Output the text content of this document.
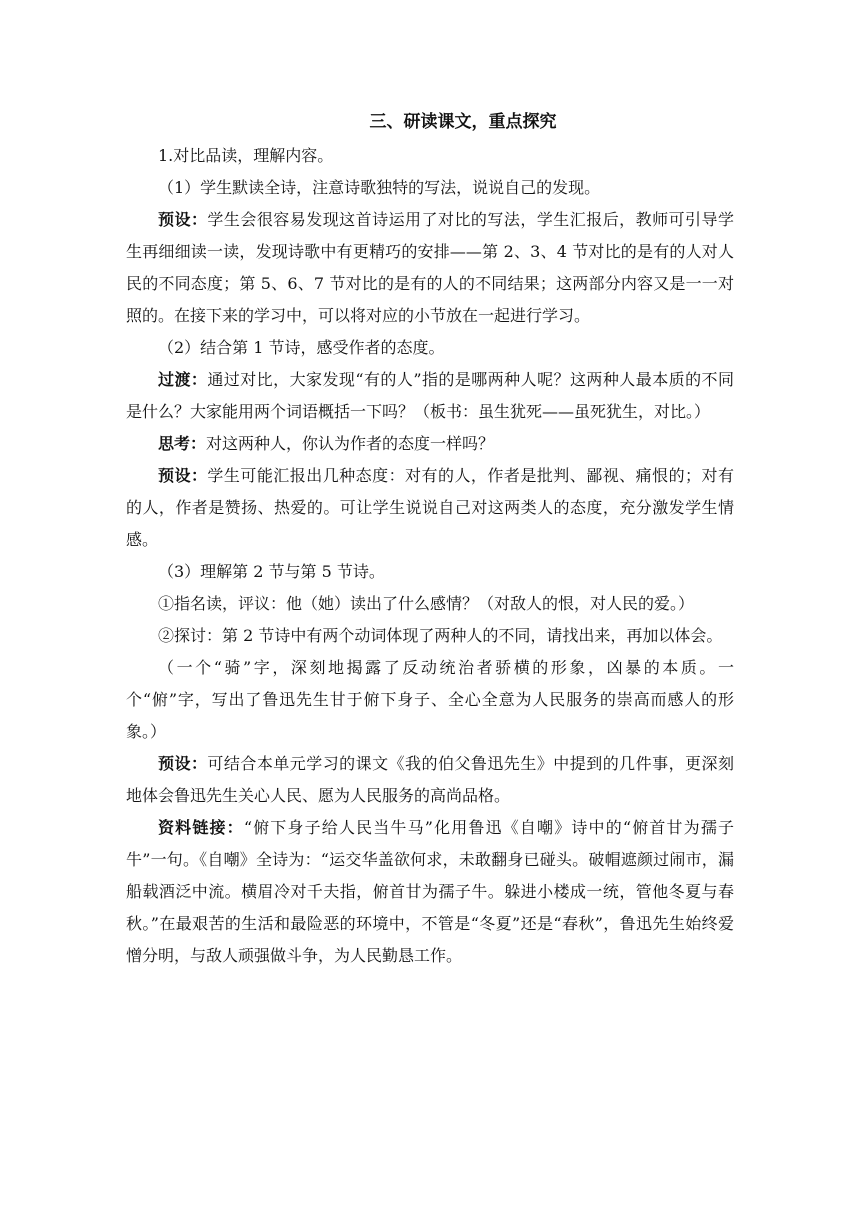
三、研读课文，重点探究

1.对比品读，理解内容。

（1）学生默读全诗，注意诗歌独特的写法，说说自己的发现。

预设：学生会很容易发现这首诗运用了对比的写法，学生汇报后，教师可引导学生再细细读一读，发现诗歌中有更精巧的安排——第 2、3、4 节对比的是有的人对人民的不同态度；第 5、6、7 节对比的是有的人的不同结果；这两部分内容又是一一对照的。在接下来的学习中，可以将对应的小节放在一起进行学习。

（2）结合第 1 节诗，感受作者的态度。

过渡：通过对比，大家发现“有的人”指的是哪两种人呢？这两种人最本质的不同是什么？大家能用两个词语概括一下吗？（板书：虽生犹死——虽死犹生，对比。）

思考：对这两种人，你认为作者的态度一样吗？

预设：学生可能汇报出几种态度：对有的人，作者是批判、鄙视、痛恨的；对有的人，作者是赞扬、热爱的。可让学生说说自己对这两类人的态度，充分激发学生情感。

（3）理解第 2 节与第 5 节诗。

①指名读，评议：他（她）读出了什么感情？（对敌人的恨，对人民的爱。）

②探讨：第 2 节诗中有两个动词体现了两种人的不同，请找出来，再加以体会。

（一个“骑”字，深刻地揭露了反动统治者骄横的形象，凶暴的本质。一个“俯”字，写出了鲁迅先生甘于俯下身子、全心全意为人民服务的崇高而感人的形象。）

预设：可结合本单元学习的课文《我的伯父鲁迅先生》中提到的几件事，更深刻地体会鲁迅先生关心人民、愿为人民服务的高尚品格。

资料链接：“俯下身子给人民当牛马”化用鲁迅《自嘲》诗中的“俯首甘为孺子牛”一句。《自嘲》全诗为：“运交华盖欲何求，未敢翻身已碰头。破帽遮颜过闹市，漏船载酒泛中流。横眉冷对千夫指，俯首甘为孺子牛。躲进小楼成一统，管他冬夏与春秋。”在最艰苦的生活和最险恶的环境中，不管是“冬夏”还是“春秋”，鲁迅先生始终爱憎分明，与敌人顽强做斗争，为人民勤恳工作。
